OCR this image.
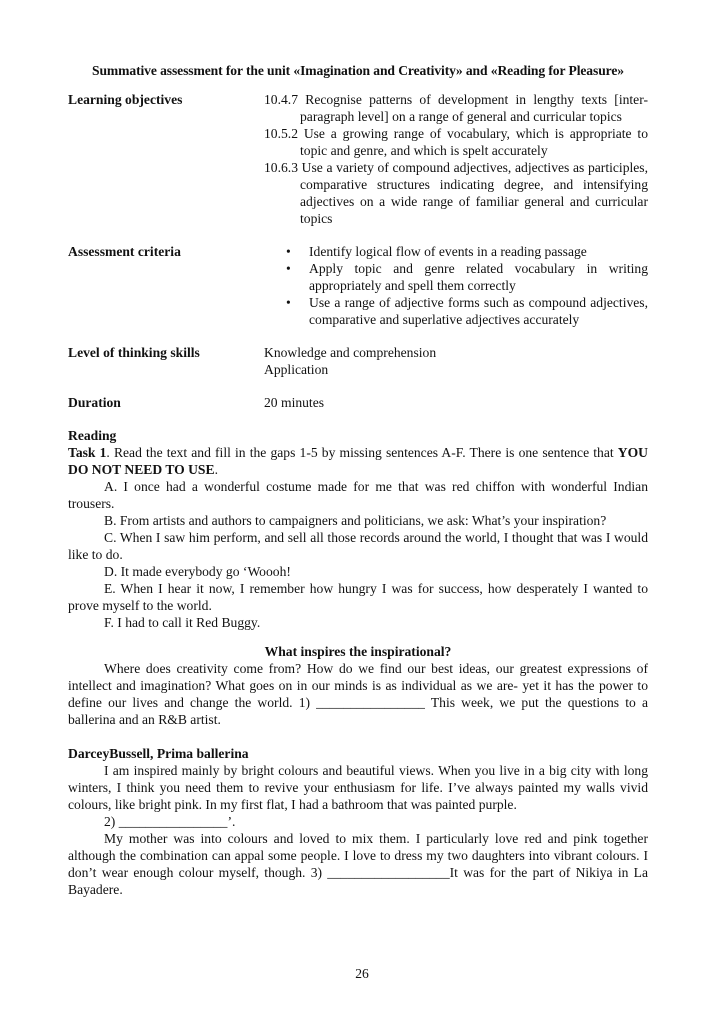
Summative assessment for the unit «Imagination and Creativity» and «Reading for Pleasure»
Learning objectives	10.4.7 Recognise patterns of development in lengthy texts [inter-paragraph level] on a range of general and curricular topics
10.5.2 Use a growing range of vocabulary, which is appropriate to topic and genre, and which is spelt accurately
10.6.3 Use a variety of compound adjectives, adjectives as participles, comparative structures indicating degree, and intensifying adjectives on a wide range of familiar general and curricular topics
Assessment criteria
•	Identify logical flow of events in a reading passage
• Apply topic and genre related vocabulary in writing appropriately and spell them correctly
• Use a range of adjective forms such as compound adjectives, comparative and superlative adjectives accurately
Level of thinking skills	Knowledge and comprehension
Application
Duration	20 minutes
Reading
Task 1. Read the text and fill in the gaps 1-5 by missing sentences A-F. There is one sentence that YOU DO NOT NEED TO USE.
A. I once had a wonderful costume made for me that was red chiffon with wonderful Indian trousers.
B. From artists and authors to campaigners and politicians, we ask: What’s your inspiration?
C. When I saw him perform, and sell all those records around the world, I thought that was I would like to do.
D. It made everybody go ‘Woooh!
E. When I hear it now, I remember how hungry I was for success, how desperately I wanted to prove myself to the world.
F. I had to call it Red Buggy.
What inspires the inspirational?
Where does creativity come from? How do we find our best ideas, our greatest expressions of intellect and imagination? What goes on in our minds is as individual as we are- yet it has the power to define our lives and change the world. 1) ________________ This week, we put the questions to a ballerina and an R&B artist.
DarceyBussell, Prima ballerina
I am inspired mainly by bright colours and beautiful views. When you live in a big city with long winters, I think you need them to revive your enthusiasm for life. I’ve always painted my walls vivid colours, like bright pink. In my first flat, I had a bathroom that was painted purple.
2) ________________’.
My mother was into colours and loved to mix them. I particularly love red and pink together although the combination can appal some people. I love to dress my two daughters into vibrant colours. I don’t wear enough colour myself, though. 3) __________________It was for the part of Nikiya in La Bayadere.
26
